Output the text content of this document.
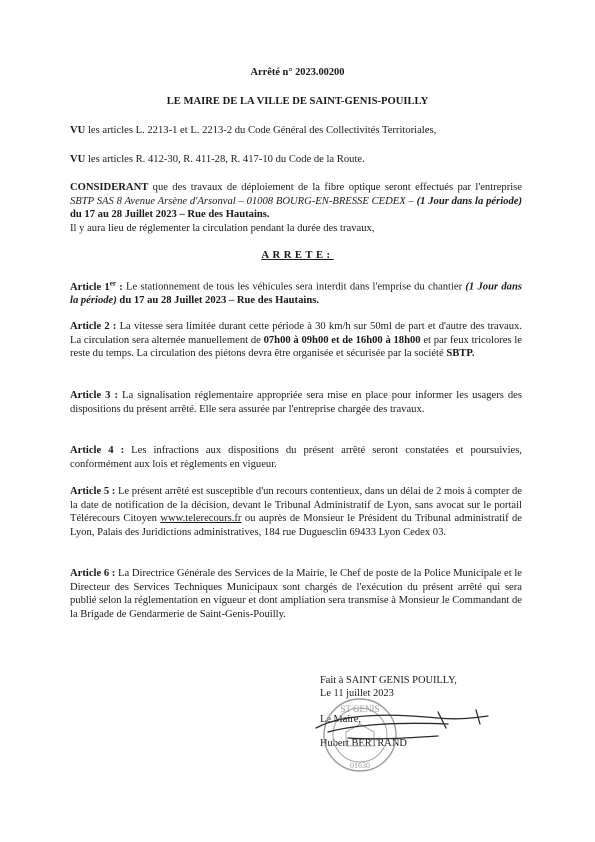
Arrêté n° 2023.00200

LE MAIRE DE LA VILLE DE SAINT-GENIS-POUILLY

VU les articles L. 2213-1 et L. 2213-2 du Code Général des Collectivités Territoriales,

VU les articles R. 412-30, R. 411-28, R. 417-10 du Code de la Route.

CONSIDERANT que des travaux de déploiement de la fibre optique seront effectués par l'entreprise SBTP SAS 8 Avenue Arsène d'Arsonval – 01008 BOURG-EN-BRESSE CEDEX – (1 Jour dans la période) du 17 au 28 Juillet 2023 – Rue des Hautains.

Il y aura lieu de réglementer la circulation pendant la durée des travaux,

ARRETE:

Article 1er : Le stationnement de tous les véhicules sera interdit dans l'emprise du chantier (1 Jour dans la période) du 17 au 28 Juillet 2023 – Rue des Hautains.

Article 2 : La vitesse sera limitée durant cette période à 30 km/h sur 50ml de part et d'autre des travaux. La circulation sera alternée manuellement de 07h00 à 09h00 et de 16h00 à 18h00 et par feux tricolores le reste du temps. La circulation des piétons devra être organisée et sécurisée par la société SBTP.

Article 3 : La signalisation réglementaire appropriée sera mise en place pour informer les usagers des dispositions du présent arrêté. Elle sera assurée par l'entreprise chargée des travaux.

Article 4 : Les infractions aux dispositions du présent arrêté seront constatées et poursuivies, conformément aux lois et règlements en vigueur.

Article 5 : Le présent arrêté est susceptible d'un recours contentieux, dans un délai de 2 mois à compter de la date de notification de la décision, devant le Tribunal Administratif de Lyon, sans avocat sur le portail Télérecours Citoyen www.telerecours.fr ou auprès de Monsieur le Président du Tribunal administratif de Lyon, Palais des Juridictions administratives, 184 rue Duguesclin 69433 Lyon Cedex 03.

Article 6 : La Directrice Générale des Services de la Mairie, le Chef de poste de la Police Municipale et le Directeur des Services Techniques Municipaux sont chargés de l'exécution du présent arrêté qui sera publié selon la réglementation en vigueur et dont ampliation sera transmise à Monsieur le Commandant de la Brigade de Gendarmerie de Saint-Genis-Pouilly.

Fait à SAINT GENIS POUILLY,

Le 11 juillet 2023

Le Maire,

Hubert BERTRAND

ST GENIS
01630
